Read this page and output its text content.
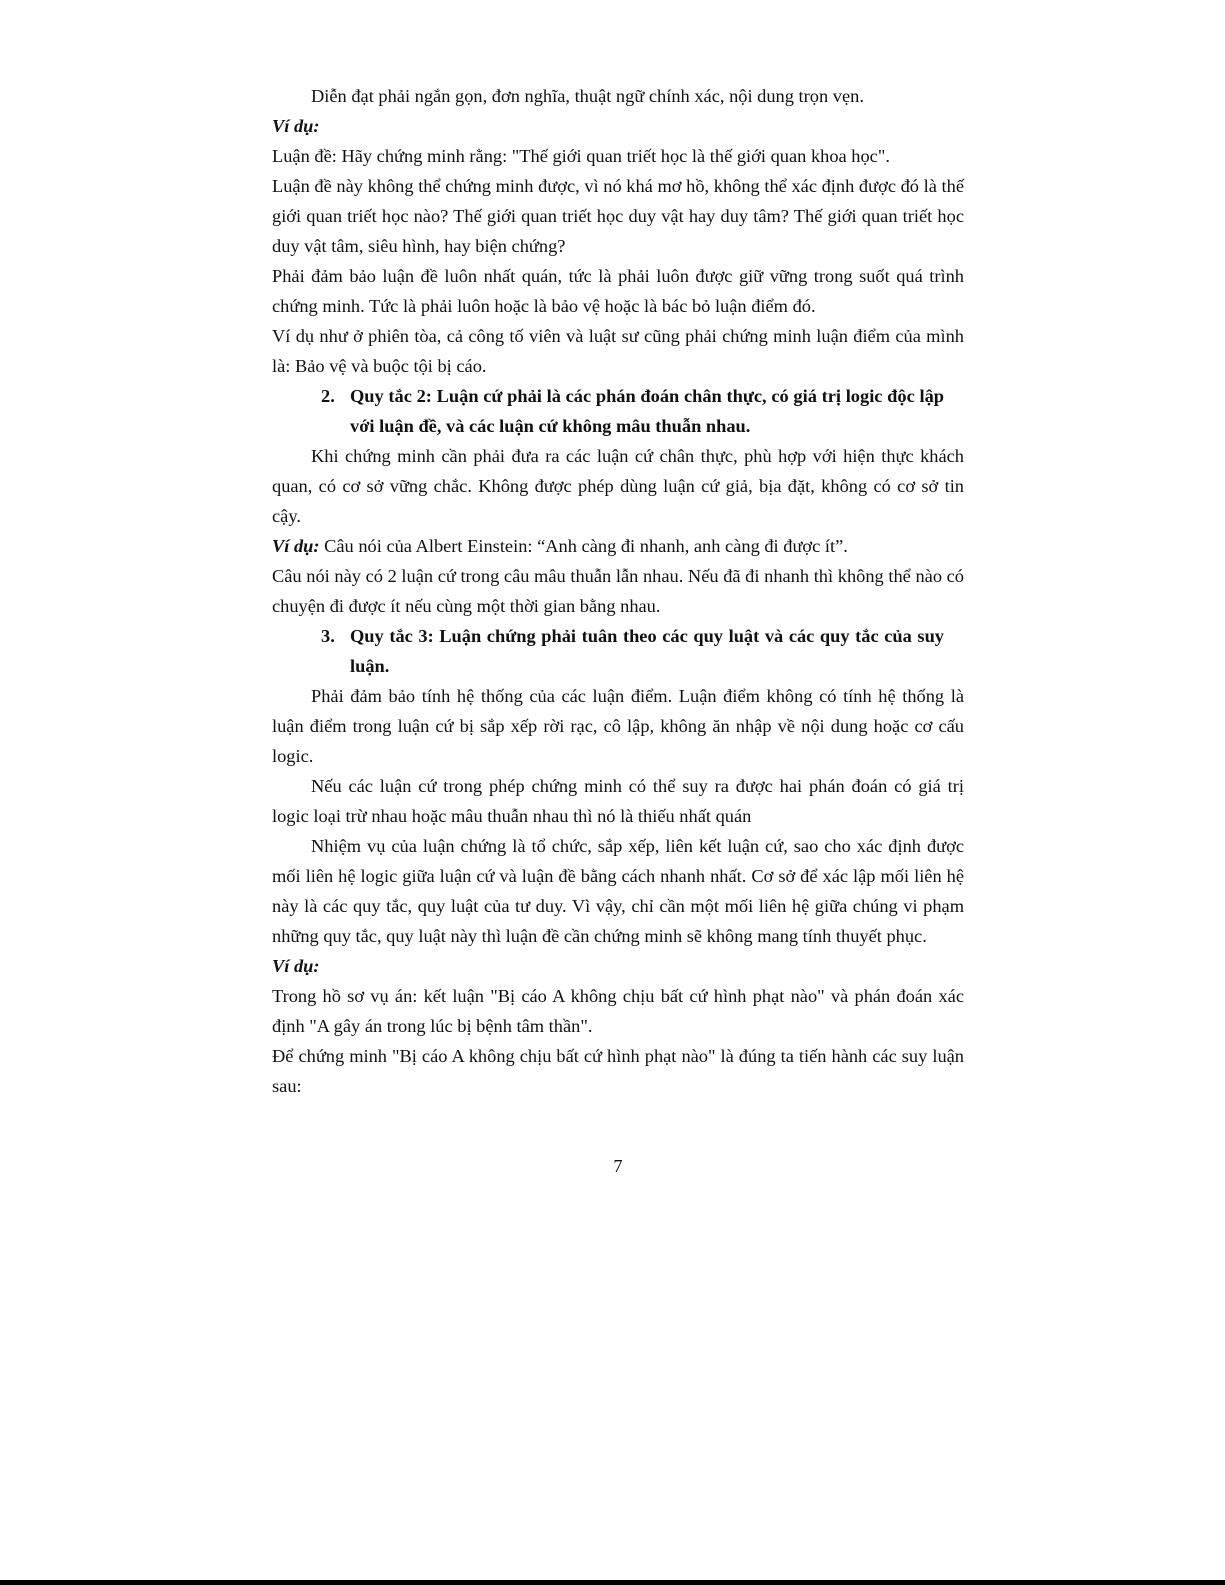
Diễn đạt phải ngắn gọn, đơn nghĩa, thuật ngữ chính xác, nội dung trọn vẹn.

Ví dụ:

Luận đề: Hãy chứng minh rằng: "Thế giới quan triết học là thế giới quan khoa học".

Luận đề này không thể chứng minh được, vì nó khá mơ hồ, không thể xác định được đó là thế giới quan triết học nào? Thế giới quan triết học duy vật hay duy tâm? Thế giới quan triết học duy vật tâm, siêu hình, hay biện chứng?

Phải đảm bảo luận đề luôn nhất quán, tức là phải luôn được giữ vững trong suốt quá trình chứng minh. Tức là phải luôn hoặc là bảo vệ hoặc là bác bỏ luận điểm đó.

Ví dụ như ở phiên tòa, cả công tố viên và luật sư cũng phải chứng minh luận điểm của mình là: Bảo vệ và buộc tội bị cáo.

2. Quy tắc 2: Luận cứ phải là các phán đoán chân thực, có giá trị logic độc lập với luận đề, và các luận cứ không mâu thuẫn nhau.

Khi chứng minh cần phải đưa ra các luận cứ chân thực, phù hợp với hiện thực khách quan, có cơ sở vững chắc. Không được phép dùng luận cứ giả, bịa đặt, không có cơ sở tin cậy.

Ví dụ: Câu nói của Albert Einstein: “Anh càng đi nhanh, anh càng đi được ít”.

Câu nói này có 2 luận cứ trong câu mâu thuẫn lẫn nhau. Nếu đã đi nhanh thì không thể nào có chuyện đi được ít nếu cùng một thời gian bằng nhau.

3. Quy tắc 3: Luận chứng phải tuân theo các quy luật và các quy tắc của suy luận.

Phải đảm bảo tính hệ thống của các luận điểm. Luận điểm không có tính hệ thống là luận điểm trong luận cứ bị sắp xếp rời rạc, cô lập, không ăn nhập về nội dung hoặc cơ cấu logic.

Nếu các luận cứ trong phép chứng minh có thể suy ra được hai phán đoán có giá trị logic loại trừ nhau hoặc mâu thuẫn nhau thì nó là thiếu nhất quán

Nhiệm vụ của luận chứng là tổ chức, sắp xếp, liên kết luận cứ, sao cho xác định được mối liên hệ logic giữa luận cứ và luận đề bằng cách nhanh nhất. Cơ sở để xác lập mối liên hệ này là các quy tắc, quy luật của tư duy. Vì vậy, chỉ cần một mối liên hệ giữa chúng vi phạm những quy tắc, quy luật này thì luận đề cần chứng minh sẽ không mang tính thuyết phục.

Ví dụ:

Trong hồ sơ vụ án: kết luận "Bị cáo A không chịu bất cứ hình phạt nào" và phán đoán xác định "A gây án trong lúc bị bệnh tâm thần".

Để chứng minh "Bị cáo A không chịu bất cứ hình phạt nào" là đúng ta tiến hành các suy luận sau:

7
